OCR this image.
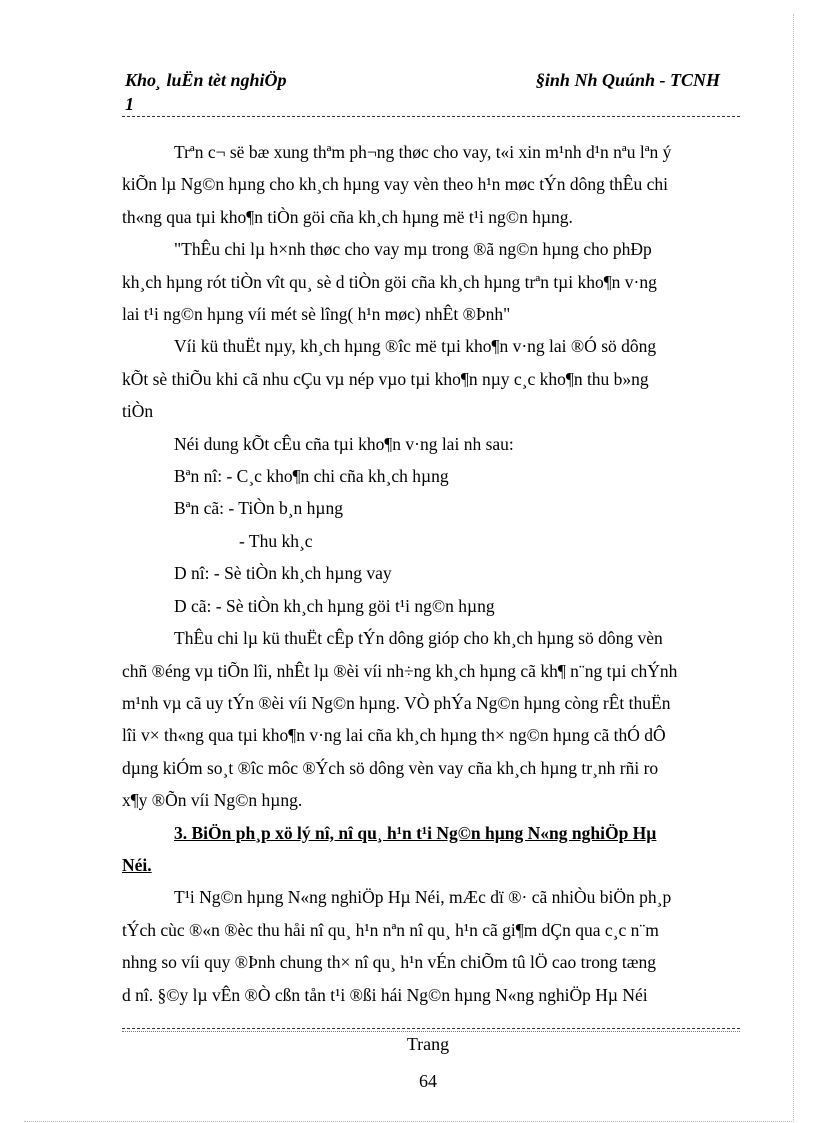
Kho¸ luËn tèt nghiÖp
1
§inh Nh Quúnh - TCNH

Trªn c¬ së bæ xung thªm ph¬ng thøc cho vay, t«i xin m¹nh d¹n nªu lªn ý

kiÕn lµ Ng©n hµng cho kh¸ch hµng vay vèn theo h¹n møc tÝn dông thÊu chi

th«ng qua tµi kho¶n tiÒn göi cña kh¸ch hµng më t¹i ng©n hµng.

"ThÊu chi lµ h×nh thøc cho vay mµ trong ®ã ng©n hµng cho phÐp

kh¸ch hµng rót tiÒn vît qu¸ sè d tiÒn göi cña kh¸ch hµng trªn tµi kho¶n v·ng

lai t¹i ng©n hµng víi mét sè lîng( h¹n møc) nhÊt ®Þnh"

Víi kü thuËt nµy, kh¸ch hµng ®îc më tµi kho¶n v·ng lai ®Ó sö dông

kÕt sè thiÕu khi cã nhu cÇu vµ nép vµo tµi kho¶n nµy c¸c kho¶n thu b»ng

tiÒn

Néi dung kÕt cÊu cña tµi kho¶n v·ng lai nh sau:

Bªn nî: - C¸c kho¶n chi cña kh¸ch hµng

Bªn cã: - TiÒn b¸n hµng

- Thu kh¸c

D nî: - Sè tiÒn kh¸ch hµng vay

D cã: - Sè tiÒn kh¸ch hµng göi t¹i ng©n hµng

ThÊu chi lµ kü thuËt cÊp tÝn dông gióp cho kh¸ch hµng sö dông vèn

chñ ®éng vµ tiÕn lîi, nhÊt lµ ®èi víi nh÷ng kh¸ch hµng cã kh¶ n¨ng tµi chÝnh

m¹nh vµ cã uy tÝn ®èi víi Ng©n hµng. VÒ phÝa Ng©n hµng còng rÊt thuËn

lîi v× th«ng qua tµi kho¶n v·ng lai cña kh¸ch hµng th× ng©n hµng cã thÓ dÔ

dµng kiÓm so¸t ®îc môc ®Ých sö dông vèn vay cña kh¸ch hµng tr¸nh rñi ro

x¶y ®Õn víi Ng©n hµng.

3. BiÖn ph¸p xö lý nî, nî qu¸ h¹n t¹i Ng©n hµng N«ng nghiÖp Hµ

Néi.

T¹i Ng©n hµng N«ng nghiÖp Hµ Néi, mÆc dï ®· cã nhiÒu biÖn ph¸p

tÝch cùc ®«n ®èc thu håi nî qu¸ h¹n nªn nî qu¸ h¹n cã gi¶m dÇn qua c¸c n¨m

nhng so víi quy ®Þnh chung th× nî qu¸ h¹n vÉn chiÕm tû lÖ cao trong tæng

d nî. §©y lµ vÊn ®Ò cßn tån t¹i ®ßi hái Ng©n hµng N«ng nghiÖp Hµ Néi

Trang
64
